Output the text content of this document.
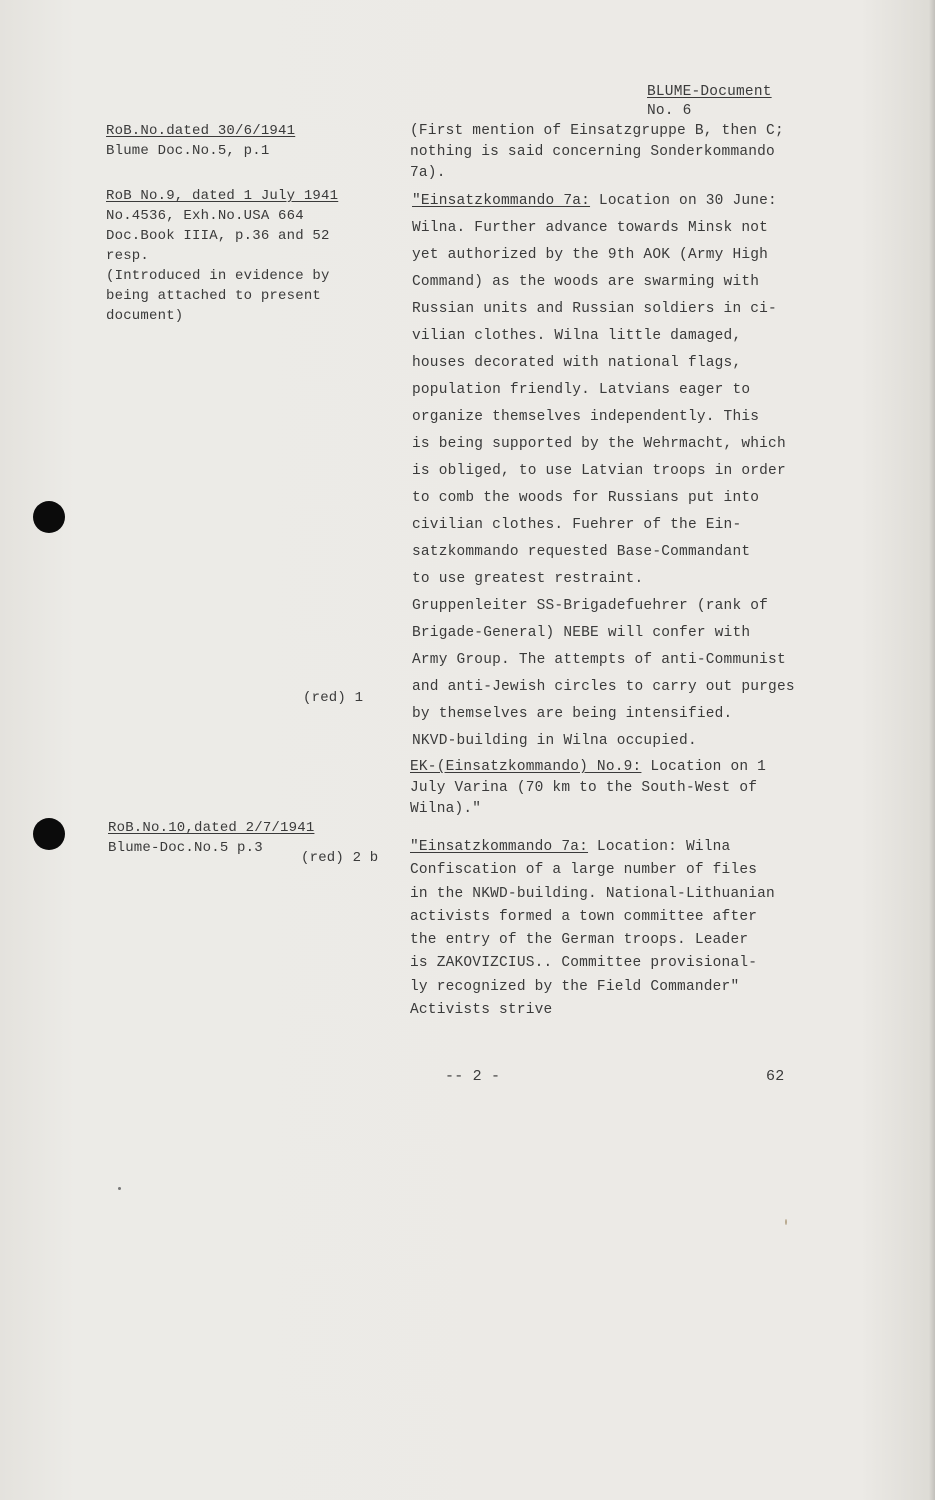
BLUME-Document
No. 6
RoB.No.dated 30/6/1941
Blume Doc.No.5, p.1
RoB No.9, dated 1 July 1941
No.4536, Exh.No.USA 664
Doc.Book IIIA, p.36 and 52
resp.
(Introduced in evidence by
being attached to present
document)
(red) 1
RoB.No.10,dated 2/7/1941
Blume-Doc.No.5 p.3
(red) 2 b
(First mention of Einsatzgruppe B, then C;
nothing is said concerning Sonderkommando
7a).
"Einsatzkommando 7a: Location on 30 June:
Wilna. Further advance towards Minsk not
yet authorized by the 9th AOK (Army High
Command) as the woods are swarming with
Russian units and Russian soldiers in ci-
vilian clothes. Wilna little damaged,
houses decorated with national flags,
population friendly. Latvians eager to
organize themselves independently. This
is being supported by the Wehrmacht, which
is obliged, to use Latvian troops in order
to comb the woods for Russians put into
civilian clothes. Fuehrer of the Ein-
satzkommando requested Base-Commandant
to use greatest restraint.
Gruppenleiter SS-Brigadefuehrer (rank of
Brigade-General) NEBE will confer with
Army Group. The attempts of anti-Communist
and anti-Jewish circles to carry out purges
by themselves are being intensified.
NKVD-building in Wilna occupied.
EK-(Einsatzkommando) No.9: Location on 1
July Varina (70 km to the South-West of
Wilna)."
"Einsatzkommando 7a: Location: Wilna
Confiscation of a large number of files
in the NKWD-building. National-Lithuanian
activists formed a town committee after
the entry of the German troops. Leader
is ZAKOVIZCIUS.. Committee provisional-
ly recognized by the Field Commander"
Activists strive
-- 2 -	62
